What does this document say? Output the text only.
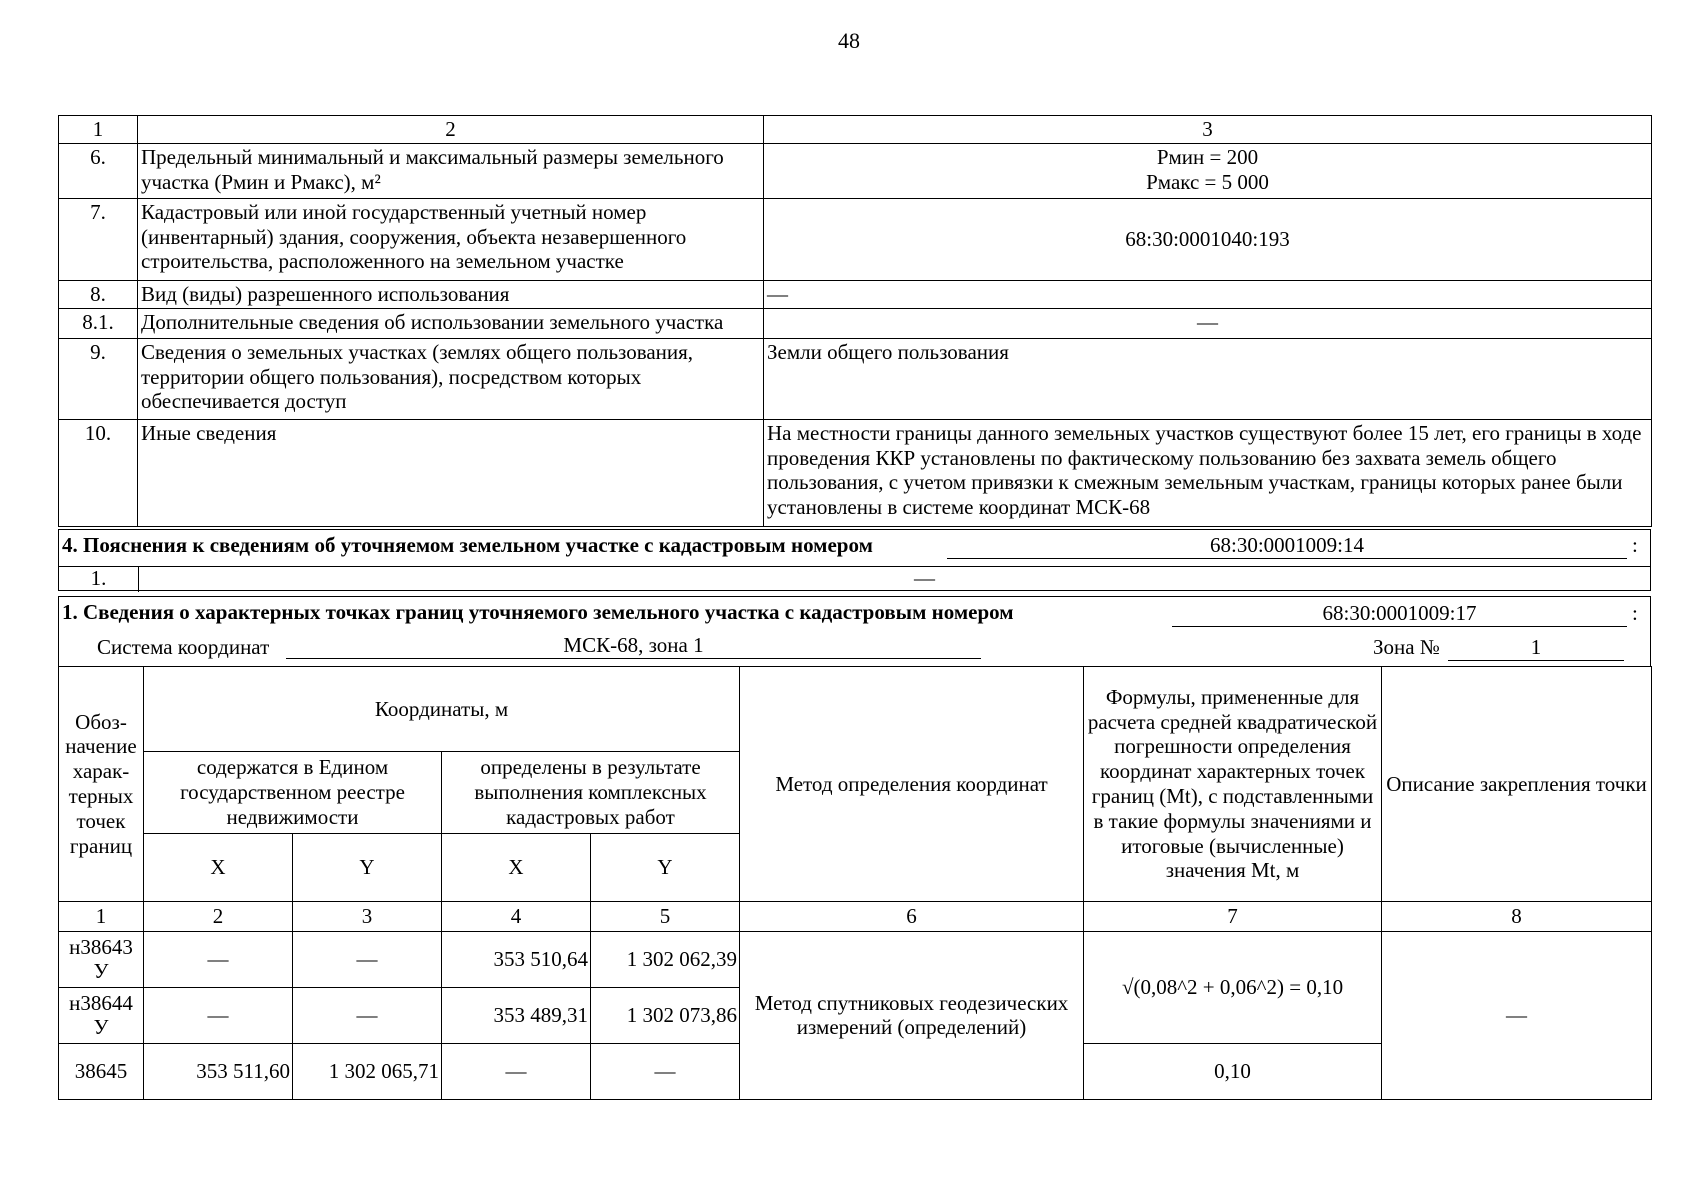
48
1	2	3
6.	Предельный минимальный и максимальный размеры земельного участка (Рмин и Рмакс), м²	Рмин = 200
Рмакс = 5 000

7.	Кадастровый или иной государственный учетный номер (инвентарный) здания, сооружения, объекта незавершенного строительства, расположенного на земельном участке	68:30:0001040:193
8.	Вид (виды) разрешенного использования	—
8.1.	Дополнительные сведения об использовании земельного участка	—
9.	Сведения о земельных участках (землях общего пользования, территории общего пользования), посредством которых обеспечивается доступ	Земли общего пользования
10.	Иные сведения	На местности границы данного земельных участков существуют более 15 лет, его границы в ходе проведения ККР установлены по фактическому пользованию без захвата земель общего пользования, с учетом привязки к смежным земельным участкам, границы которых ранее были установлены в системе координат МСК-68
4. Пояснения к сведениям об уточняемом земельном участке с кадастровым номером	68:30:0001009:14	:
1.	—
1. Сведения о характерных точках границ уточняемого земельного участка с кадастровым номером	68:30:0001009:17	:
Система координат	МСК-68, зона 1	Зона №	1
Обоз-начение харак-терных точек границ	Координаты, м				Метод определения координат	Формулы, примененные для расчета средней квадратической погрешности определения координат характерных точек границ (Mt), с подставленными в такие формулы значениями и итоговые (вычисленные) значения Mt, м	Описание закрепления точки
	содержатся в Едином государственном реестре недвижимости		определены в результате выполнения комплексных кадастровых работ				
	X	Y	X	Y			
1	2	3	4	5	6	7	8
н38643 У	—	—	353 510,64	1 302 062,39	Метод спутниковых геодезических измерений (определений)	√(0,08^2 + 0,06^2) = 0,10	—
н38644 У	—	—	353 489,31	1 302 073,86			
38645	353 511,60	1 302 065,71	—	—		0,10	
